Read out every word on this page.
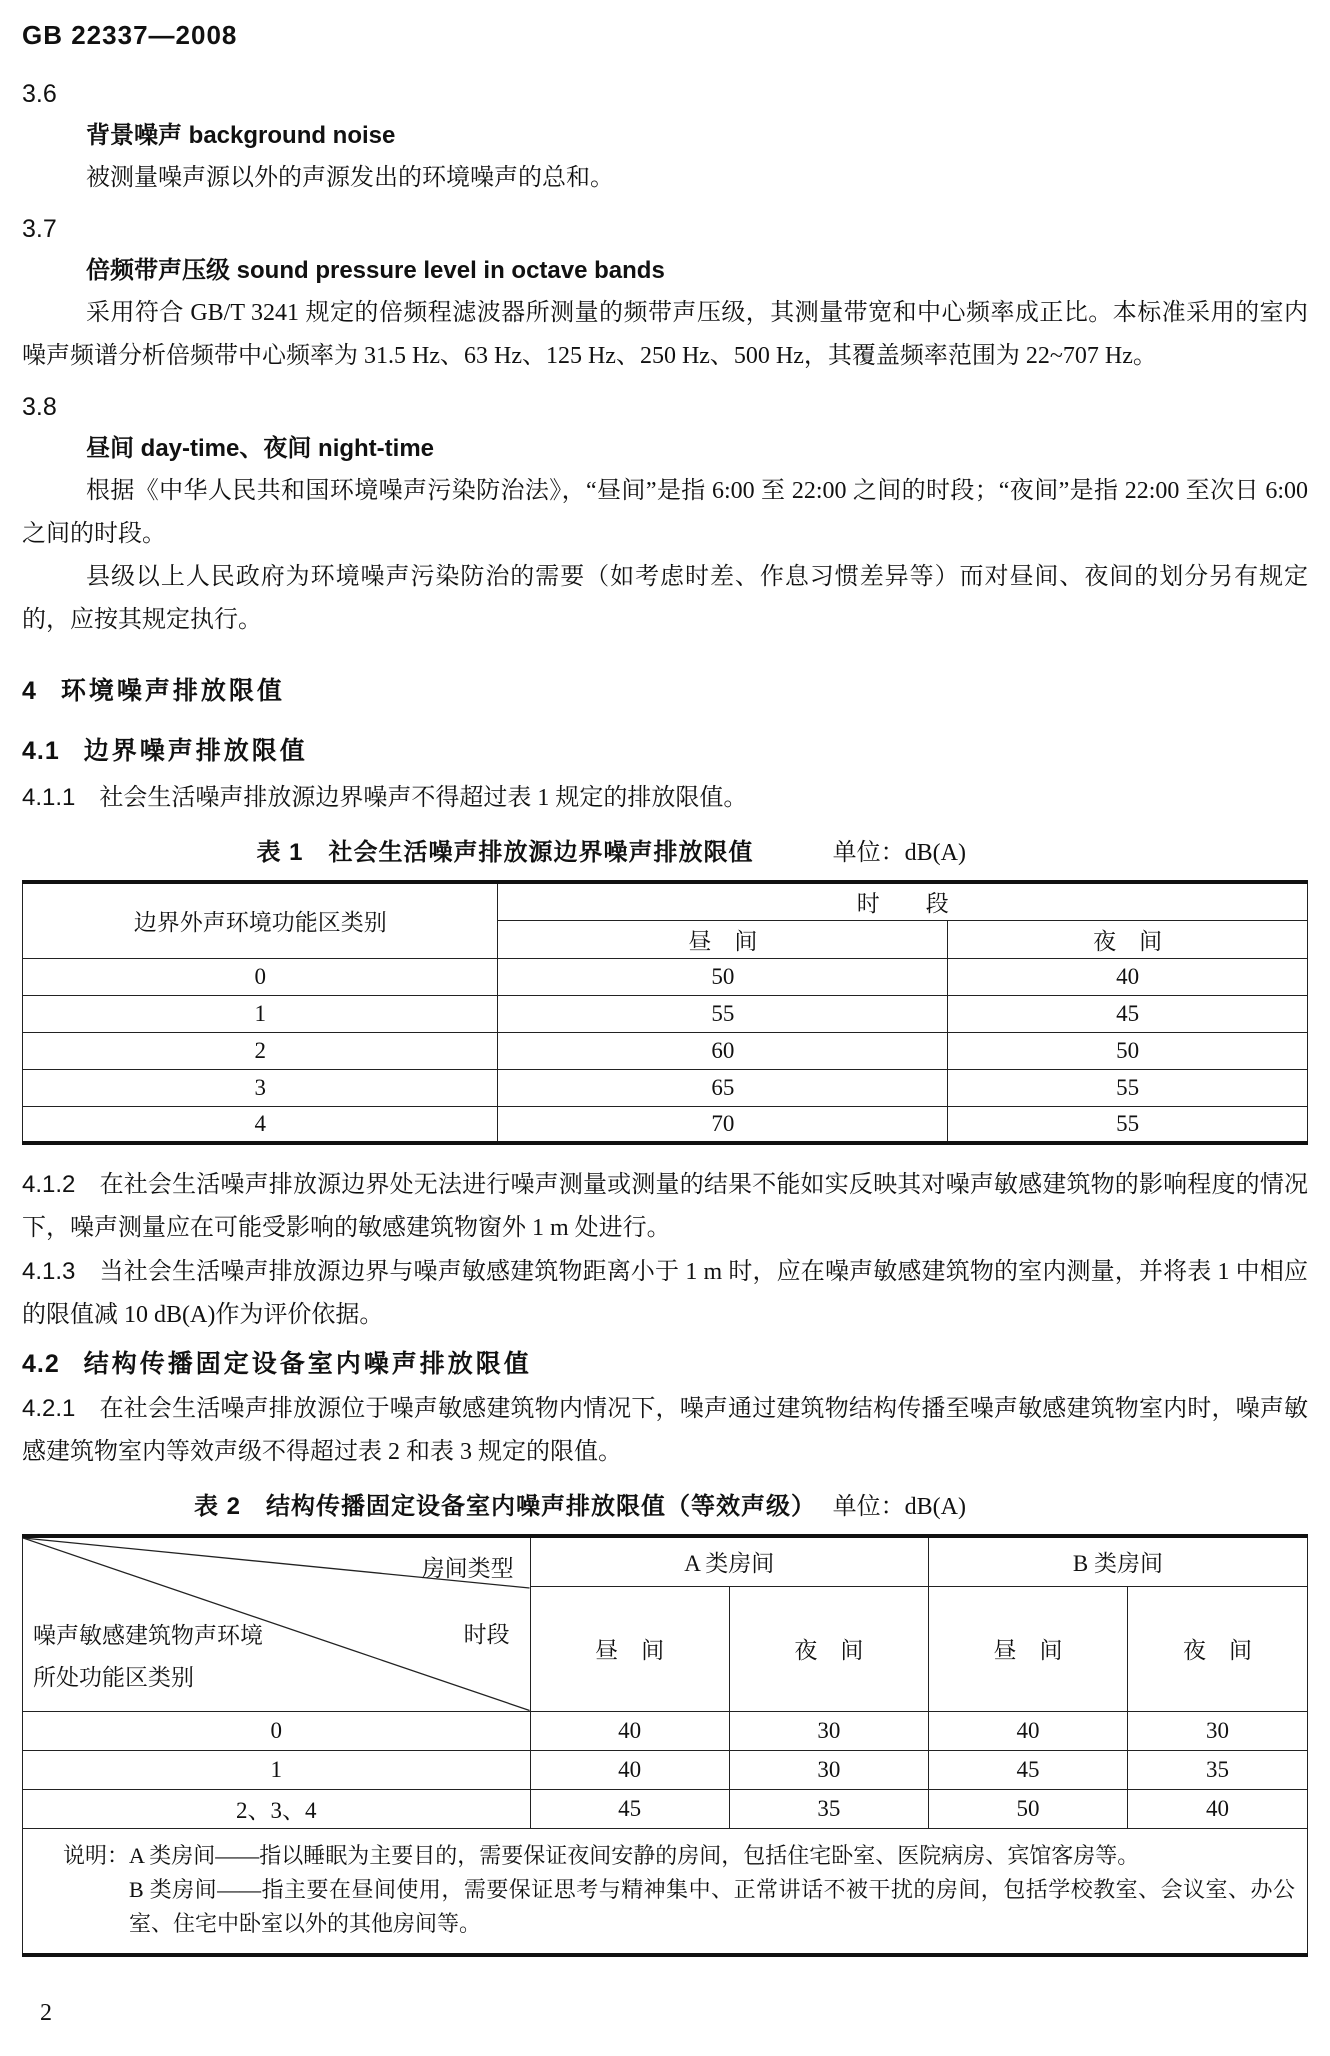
GB 22337—2008
3.6
背景噪声 background noise

被测量噪声源以外的声源发出的环境噪声的总和。

3.7
倍频带声压级 sound pressure level in octave bands

采用符合 GB/T 3241 规定的倍频程滤波器所测量的频带声压级，其测量带宽和中心频率成正比。本标准采用的室内噪声频谱分析倍频带中心频率为 31.5 Hz、63 Hz、125 Hz、250 Hz、500 Hz，其覆盖频率范围为 22~707 Hz。

3.8
昼间 day-time、夜间 night-time

根据《中华人民共和国环境噪声污染防治法》，“昼间”是指 6:00 至 22:00 之间的时段；“夜间”是指 22:00 至次日 6:00 之间的时段。

县级以上人民政府为环境噪声污染防治的需要（如考虑时差、作息习惯差异等）而对昼间、夜间的划分另有规定的，应按其规定执行。

4 环境噪声排放限值
4.1 边界噪声排放限值

4.1.1 社会生活噪声排放源边界噪声不得超过表 1 规定的排放限值。

表 1　社会生活噪声排放源边界噪声排放限值	单位：dB(A)
边界外声环境功能区类别	时　　段	
	昼　间	夜　间
0	50	40
1	55	45
2	60	50
3	65	55
4	70	55

4.1.2 在社会生活噪声排放源边界处无法进行噪声测量或测量的结果不能如实反映其对噪声敏感建筑物的影响程度的情况下，噪声测量应在可能受影响的敏感建筑物窗外 1 m 处进行。

4.1.3 当社会生活噪声排放源边界与噪声敏感建筑物距离小于 1 m 时，应在噪声敏感建筑物的室内测量，并将表 1 中相应的限值减 10 dB(A)作为评价依据。

4.2 结构传播固定设备室内噪声排放限值

4.2.1 在社会生活噪声排放源位于噪声敏感建筑物内情况下，噪声通过建筑物结构传播至噪声敏感建筑物室内时，噪声敏感建筑物室内等效声级不得超过表 2 和表 3 规定的限值。

表 2　结构传播固定设备室内噪声排放限值（等效声级） 单位：dB(A)
房间类型
时段
噪声敏感建筑物声环境
所处功能区类别	A 类房间		B 类房间	
	昼　间	夜　间	昼　间	夜　间
0	40	30	40	30
1	40	30	45	35
2、3、4	45	35	50	40

说明： A 类房间——指以睡眠为主要目的，需要保证夜间安静的房间，包括住宅卧室、医院病房、宾馆客房等。
B 类房间——指主要在昼间使用，需要保证思考与精神集中、正常讲话不被干扰的房间，包括学校教室、会议室、办公室、住宅中卧室以外的其他房间等。				
2
